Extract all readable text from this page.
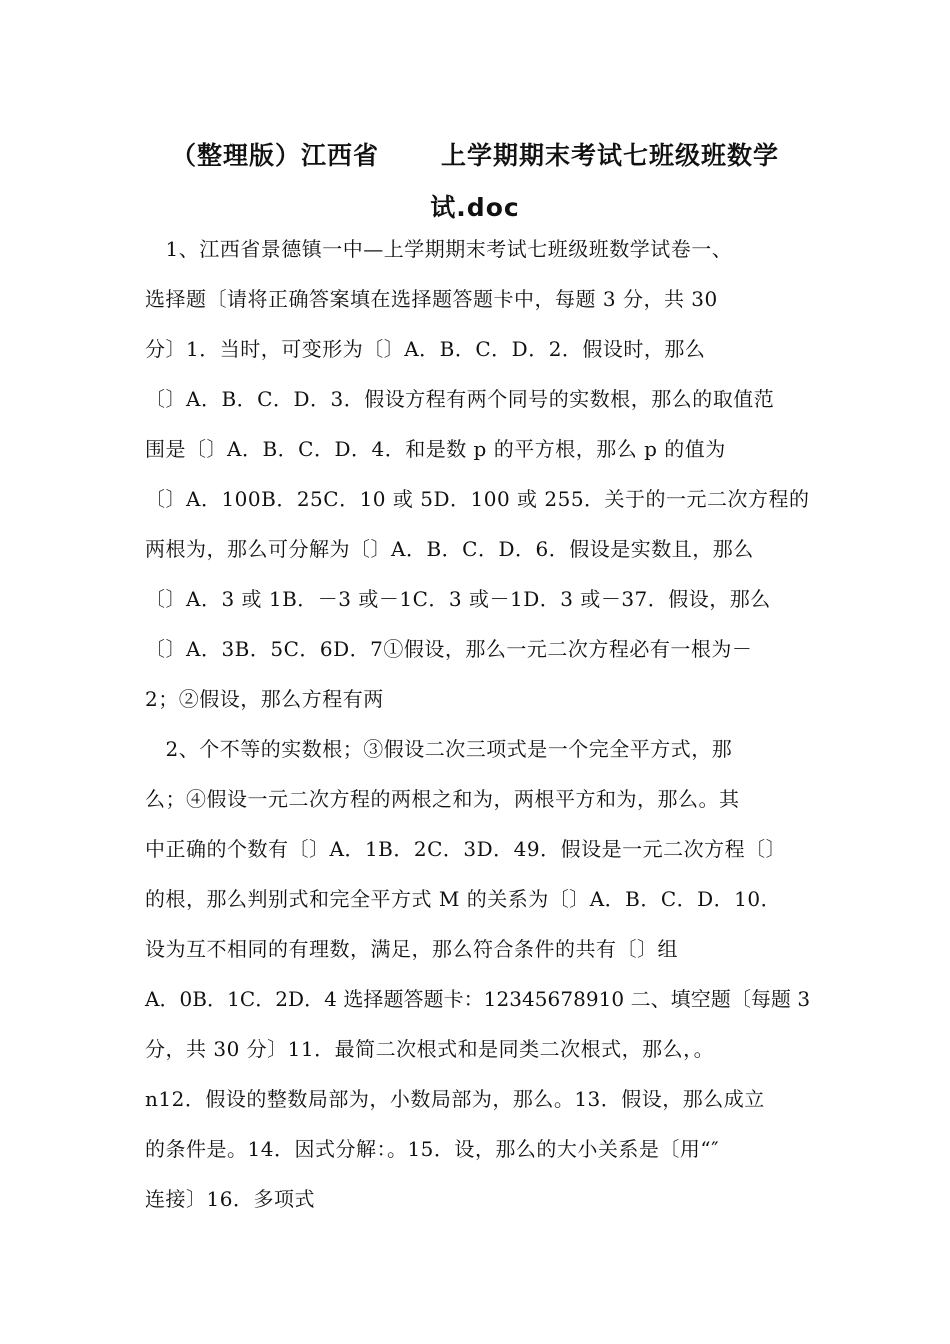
（整理版）江西省 上学期期末考试七班级班数学
试.doc
　1、江西省景德镇一中—上学期期末考试七班级班数学试卷一、
选择题〔请将正确答案填在选择题答题卡中，每题 3 分，共 30
分〕1．当时，可变形为〔〕A．B．C．D．2．假设时，那么
〔〕A．B．C．D．3．假设方程有两个同号的实数根，那么的取值范
围是〔〕A．B．C．D．4．和是数 p 的平方根，那么 p 的值为
〔〕A．100B．25C．10 或 5D．100 或 255．关于的一元二次方程的
两根为，那么可分解为〔〕A．B．C．D．6．假设是实数且，那么
〔〕A．3 或 1B．－3 或－1C．3 或－1D．3 或－37．假设，那么
〔〕A．3B．5C．6D．7①假设，那么一元二次方程必有一根为－
2；②假设，那么方程有两
　2、个不等的实数根；③假设二次三项式是一个完全平方式，那
么；④假设一元二次方程的两根之和为，两根平方和为，那么。其
中正确的个数有〔〕A．1B．2C．3D．49．假设是一元二次方程〔〕
的根，那么判别式和完全平方式 M 的关系为〔〕A．B．C．D．10．
设为互不相同的有理数，满足，那么符合条件的共有〔〕组
A．0B．1C．2D．4 选择题答题卡：12345678910 二、填空题〔每题 3
分，共 30 分〕11．最简二次根式和是同类二次根式，那么，。
n12．假设的整数局部为，小数局部为，那么。13．假设，那么成立
的条件是。14．因式分解：。15．设，那么的大小关系是〔用“″
连接〕16．多项式
